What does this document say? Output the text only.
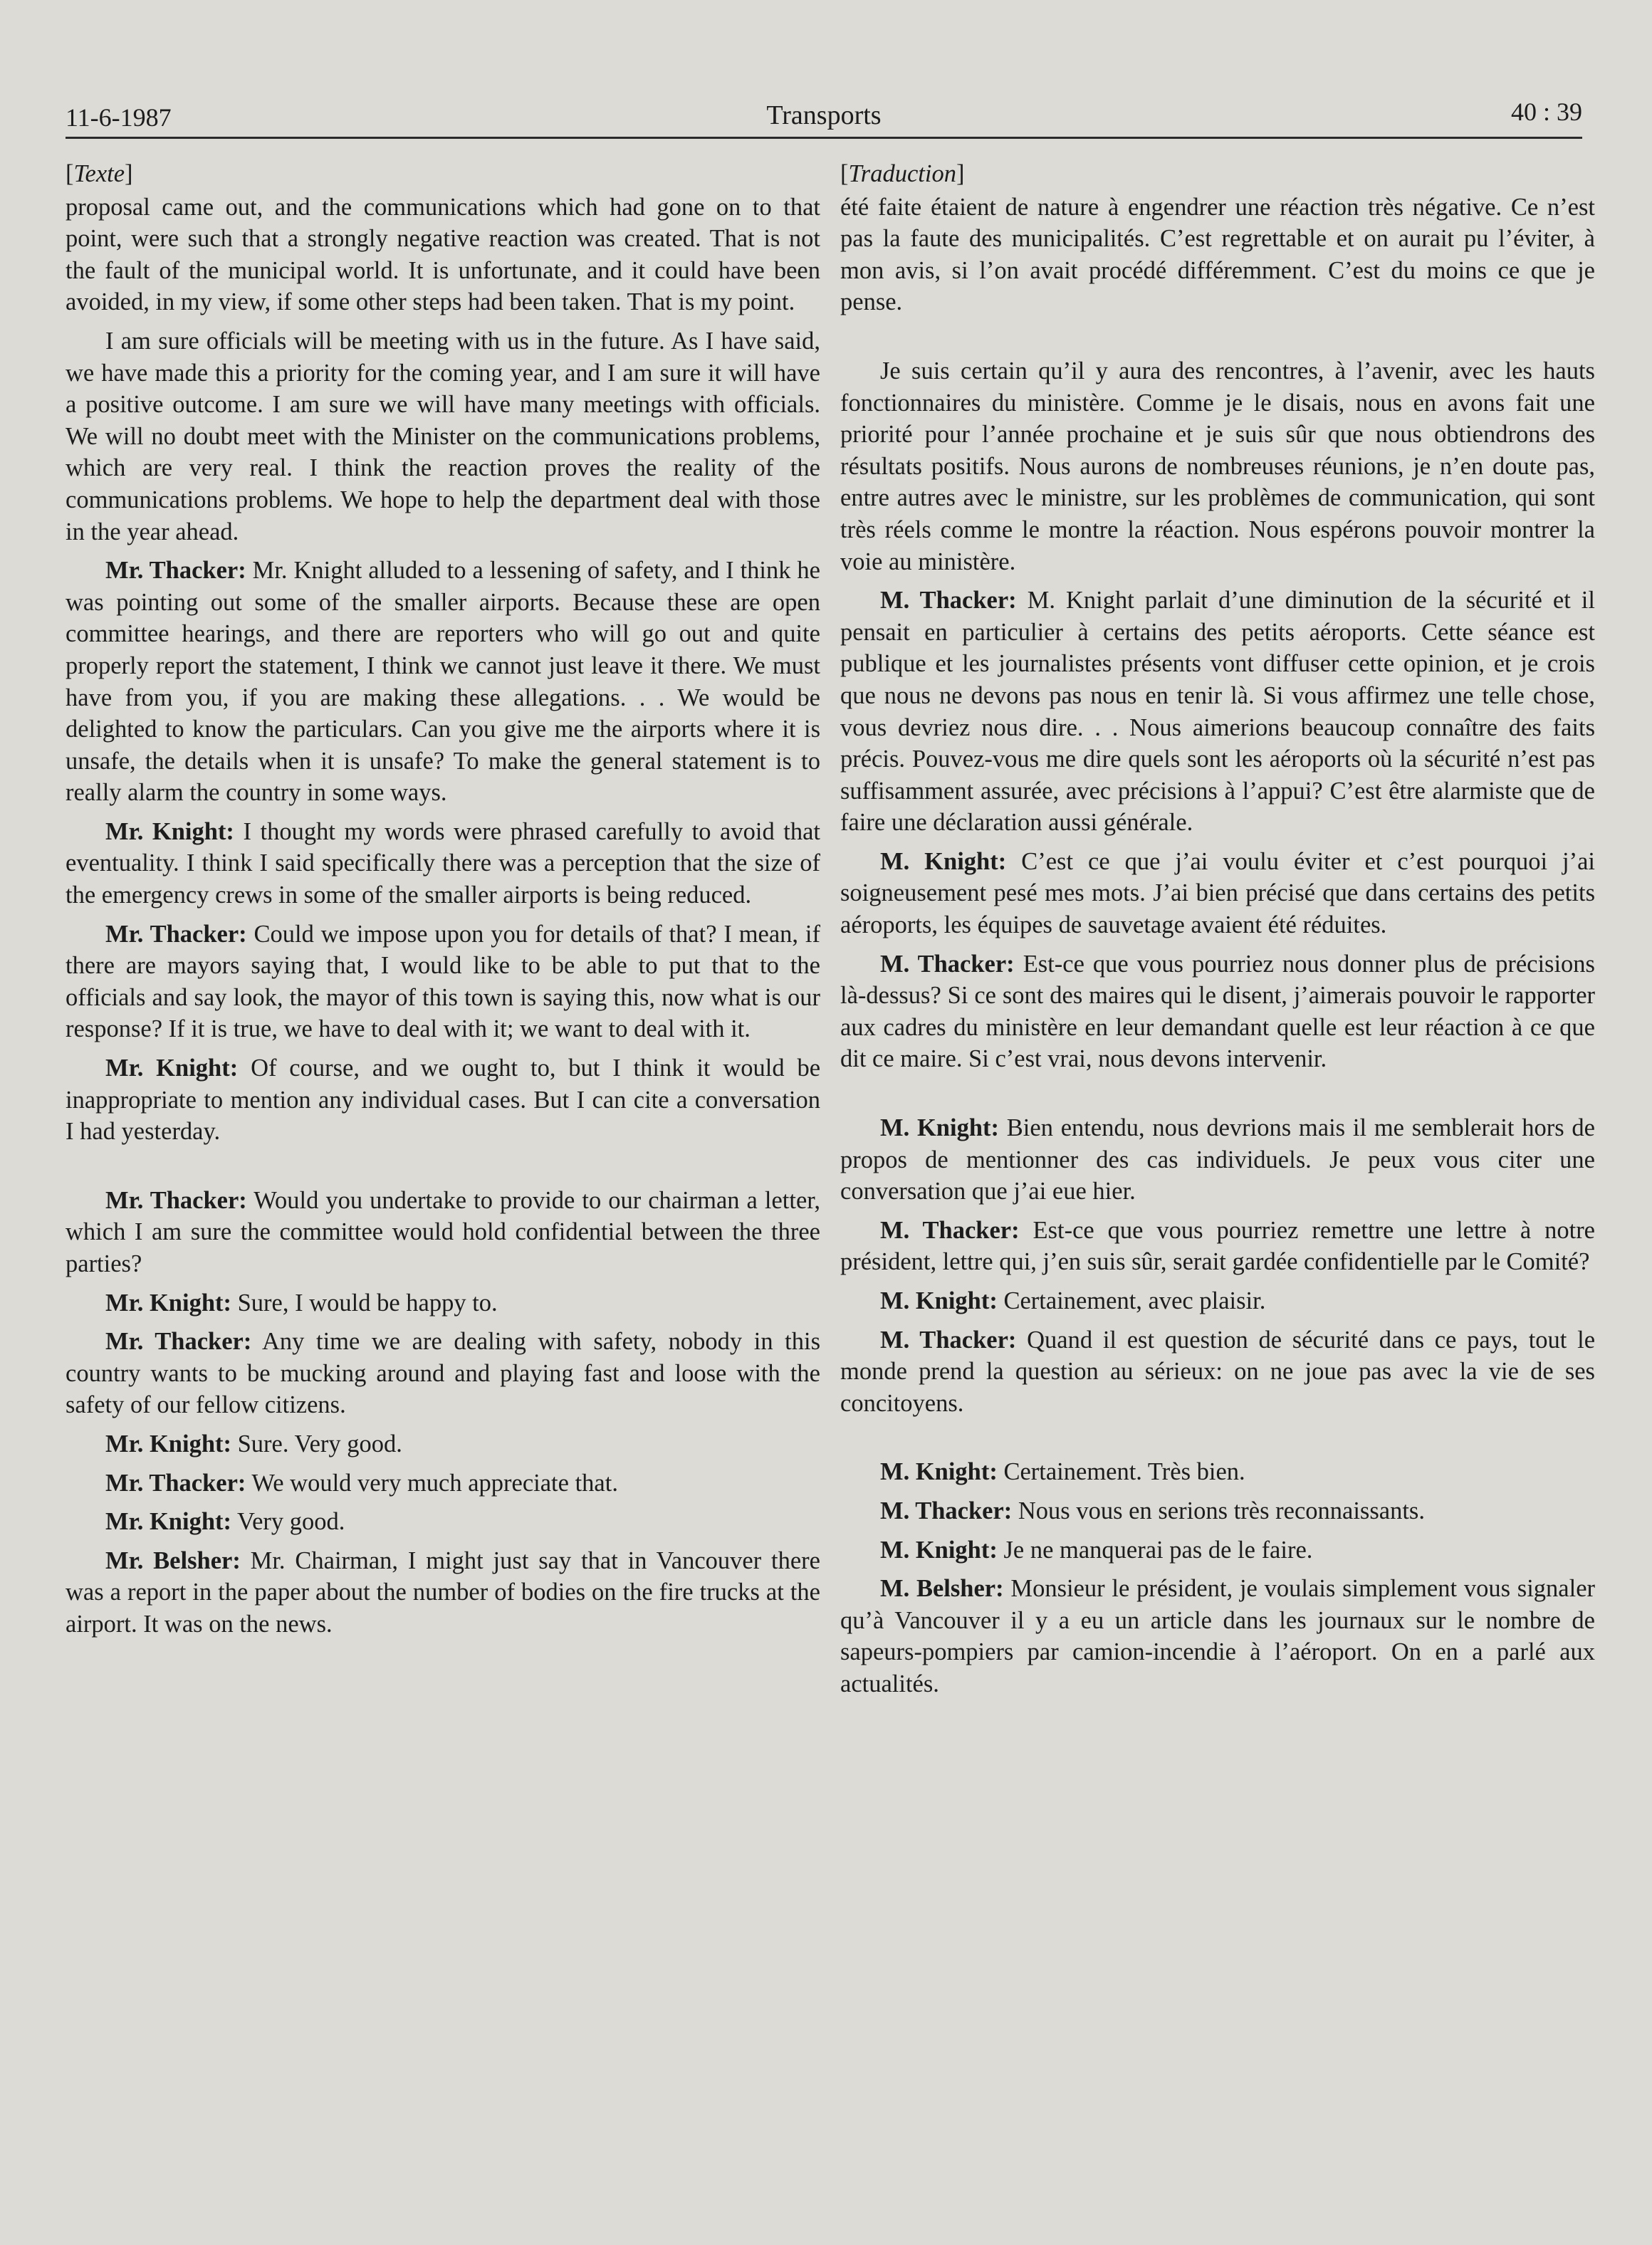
11-6-1987	Transports	40 : 39
[Texte]

proposal came out, and the communications which had gone on to that point, were such that a strongly negative reaction was created. That is not the fault of the municipal world. It is unfortunate, and it could have been avoided, in my view, if some other steps had been taken. That is my point.

I am sure officials will be meeting with us in the future. As I have said, we have made this a priority for the coming year, and I am sure it will have a positive outcome. I am sure we will have many meetings with officials. We will no doubt meet with the Minister on the communications problems, which are very real. I think the reaction proves the reality of the communications problems. We hope to help the department deal with those in the year ahead.

Mr. Thacker: Mr. Knight alluded to a lessening of safety, and I think he was pointing out some of the smaller airports. Because these are open committee hearings, and there are reporters who will go out and quite properly report the statement, I think we cannot just leave it there. We must have from you, if you are making these allegations. . . We would be delighted to know the particulars. Can you give me the airports where it is unsafe, the details when it is unsafe? To make the general statement is to really alarm the country in some ways.

Mr. Knight: I thought my words were phrased carefully to avoid that eventuality. I think I said specifically there was a perception that the size of the emergency crews in some of the smaller airports is being reduced.

Mr. Thacker: Could we impose upon you for details of that? I mean, if there are mayors saying that, I would like to be able to put that to the officials and say look, the mayor of this town is saying this, now what is our response? If it is true, we have to deal with it; we want to deal with it.

Mr. Knight: Of course, and we ought to, but I think it would be inappropriate to mention any individual cases. But I can cite a conversation I had yesterday.

Mr. Thacker: Would you undertake to provide to our chairman a letter, which I am sure the committee would hold confidential between the three parties?

Mr. Knight: Sure, I would be happy to.

Mr. Thacker: Any time we are dealing with safety, nobody in this country wants to be mucking around and playing fast and loose with the safety of our fellow citizens.

Mr. Knight: Sure. Very good.

Mr. Thacker: We would very much appreciate that.

Mr. Knight: Very good.

Mr. Belsher: Mr. Chairman, I might just say that in Vancouver there was a report in the paper about the number of bodies on the fire trucks at the airport. It was on the news.

[Traduction]

été faite étaient de nature à engendrer une réaction très négative. Ce n’est pas la faute des municipalités. C’est regrettable et on aurait pu l’éviter, à mon avis, si l’on avait procédé différemment. C’est du moins ce que je pense.

Je suis certain qu’il y aura des rencontres, à l’avenir, avec les hauts fonctionnaires du ministère. Comme je le disais, nous en avons fait une priorité pour l’année prochaine et je suis sûr que nous obtiendrons des résultats positifs. Nous aurons de nombreuses réunions, je n’en doute pas, entre autres avec le ministre, sur les problèmes de communication, qui sont très réels comme le montre la réaction. Nous espérons pouvoir montrer la voie au ministère.

M. Thacker: M. Knight parlait d’une diminution de la sécurité et il pensait en particulier à certains des petits aéroports. Cette séance est publique et les journalistes présents vont diffuser cette opinion, et je crois que nous ne devons pas nous en tenir là. Si vous affirmez une telle chose, vous devriez nous dire. . . Nous aimerions beaucoup connaître des faits précis. Pouvez-vous me dire quels sont les aéroports où la sécurité n’est pas suffisamment assurée, avec précisions à l’appui? C’est être alarmiste que de faire une déclaration aussi générale.

M. Knight: C’est ce que j’ai voulu éviter et c’est pourquoi j’ai soigneusement pesé mes mots. J’ai bien précisé que dans certains des petits aéroports, les équipes de sauvetage avaient été réduites.

M. Thacker: Est-ce que vous pourriez nous donner plus de précisions là-dessus? Si ce sont des maires qui le disent, j’aimerais pouvoir le rapporter aux cadres du ministère en leur demandant quelle est leur réaction à ce que dit ce maire. Si c’est vrai, nous devons intervenir.

M. Knight: Bien entendu, nous devrions mais il me semblerait hors de propos de mentionner des cas individuels. Je peux vous citer une conversation que j’ai eue hier.

M. Thacker: Est-ce que vous pourriez remettre une lettre à notre président, lettre qui, j’en suis sûr, serait gardée confidentielle par le Comité?

M. Knight: Certainement, avec plaisir.

M. Thacker: Quand il est question de sécurité dans ce pays, tout le monde prend la question au sérieux: on ne joue pas avec la vie de ses concitoyens.

M. Knight: Certainement. Très bien.

M. Thacker: Nous vous en serions très reconnaissants.

M. Knight: Je ne manquerai pas de le faire.

M. Belsher: Monsieur le président, je voulais simplement vous signaler qu’à Vancouver il y a eu un article dans les journaux sur le nombre de sapeurs-pompiers par camion-incendie à l’aéroport. On en a parlé aux actualités.
